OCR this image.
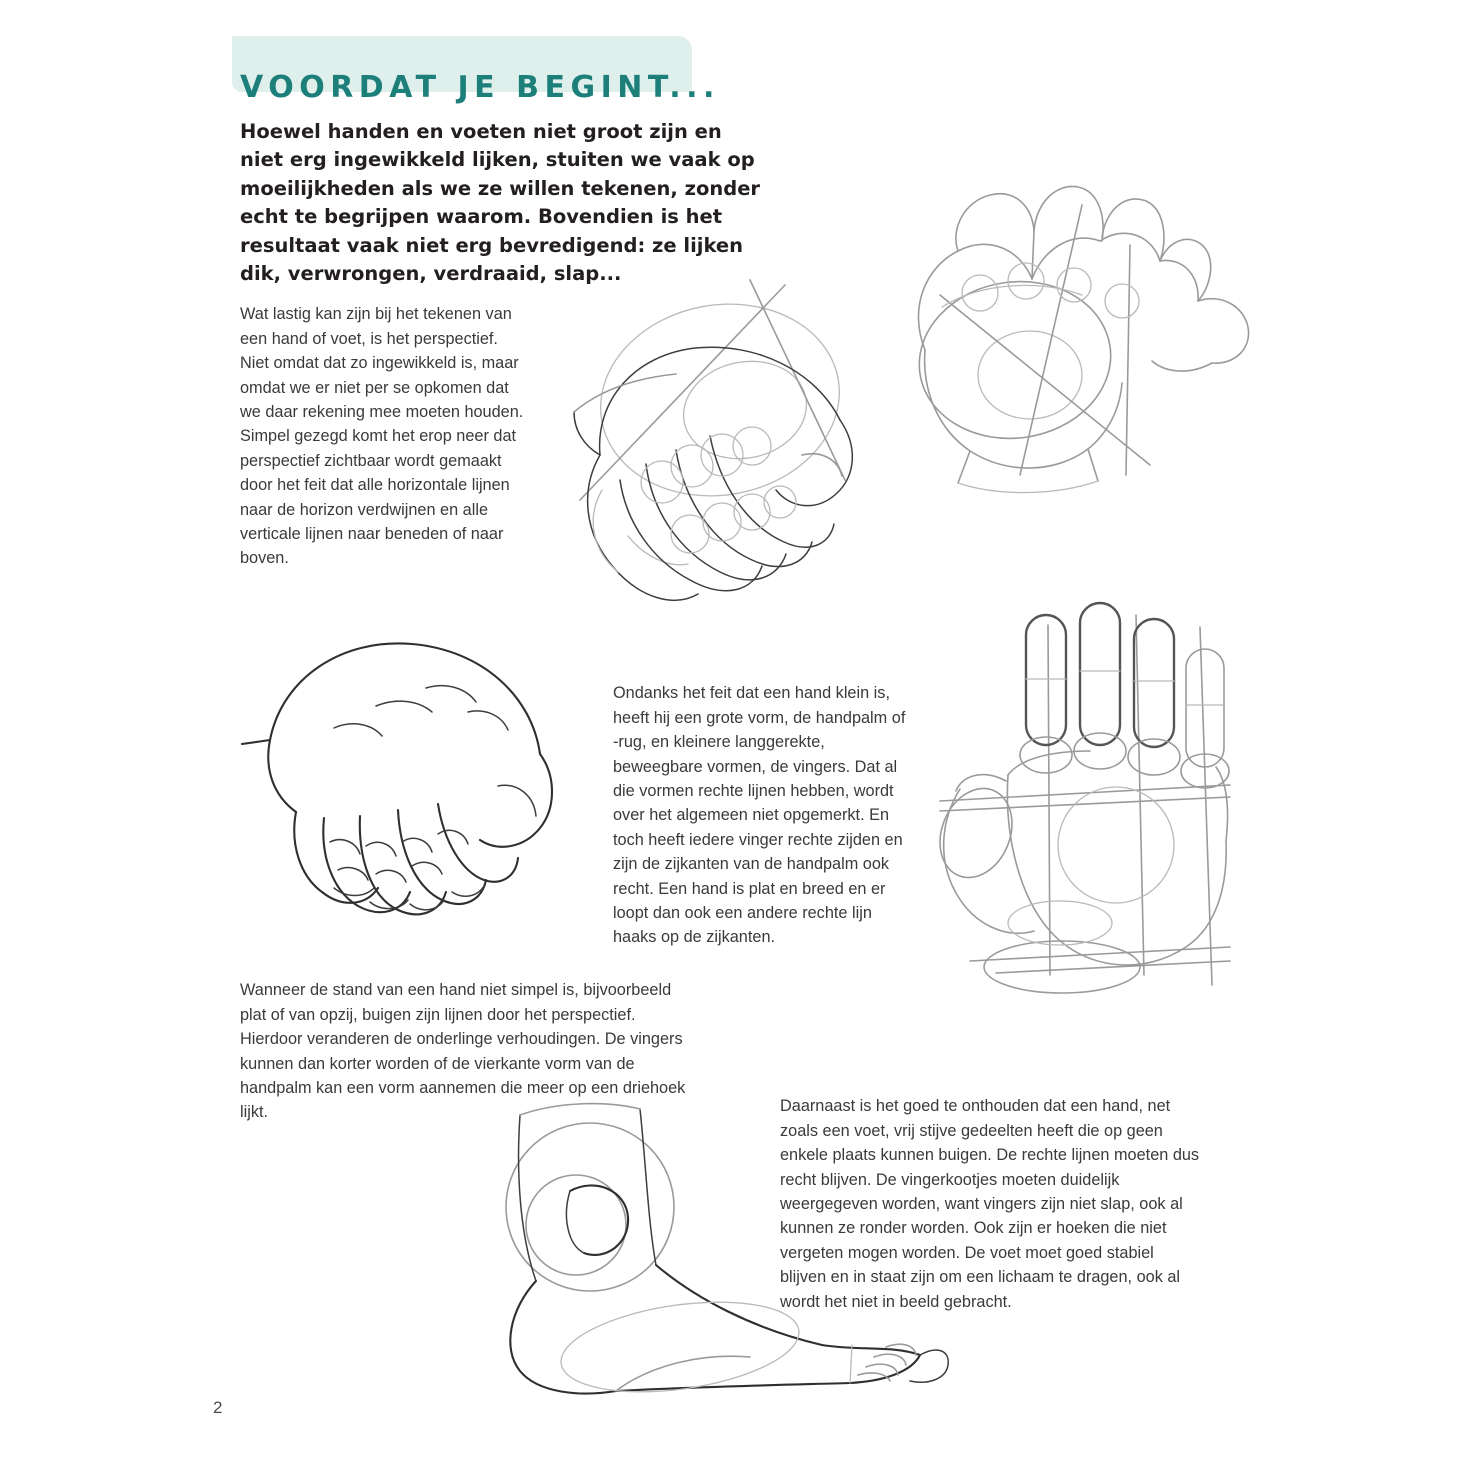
VOORDAT JE BEGINT...

Hoewel handen en voeten niet groot zijn en niet erg ingewikkeld lijken, stuiten we vaak op moeilijkheden als we ze willen tekenen, zonder echt te begrijpen waarom. Bovendien is het resultaat vaak niet erg bevredigend: ze lijken dik, verwrongen, verdraaid, slap...

Wat lastig kan zijn bij het tekenen van een hand of voet, is het perspectief. Niet omdat dat zo ingewikkeld is, maar omdat we er niet per se opkomen dat we daar rekening mee moeten houden. Simpel gezegd komt het erop neer dat perspectief zichtbaar wordt gemaakt door het feit dat alle horizontale lijnen naar de horizon verdwijnen en alle verticale lijnen naar beneden of naar boven.

Ondanks het feit dat een hand klein is, heeft hij een grote vorm, de handpalm of -rug, en kleinere langgerekte, beweegbare vormen, de vingers. Dat al die vormen rechte lijnen hebben, wordt over het algemeen niet opgemerkt. En toch heeft iedere vinger rechte zijden en zijn de zijkanten van de handpalm ook recht. Een hand is plat en breed en er loopt dan ook een andere rechte lijn haaks op de zijkanten.

Wanneer de stand van een hand niet simpel is, bijvoorbeeld plat of van opzij, buigen zijn lijnen door het perspectief. Hierdoor veranderen de onderlinge verhoudingen. De vingers kunnen dan korter worden of de vierkante vorm van de handpalm kan een vorm aannemen die meer op een driehoek lijkt.	Daarnaast is het goed te onthouden dat een hand, net zoals een voet, vrij stijve gedeelten heeft die op geen enkele plaats kunnen buigen. De rechte lijnen moeten dus recht blijven. De vingerkootjes moeten duidelijk weergegeven worden, want vingers zijn niet slap, ook al kunnen ze ronder worden. Ook zijn er hoeken die niet vergeten mogen worden. De voet moet goed stabiel blijven en in staat zijn om een lichaam te dragen, ook al wordt het niet in beeld gebracht.

2
